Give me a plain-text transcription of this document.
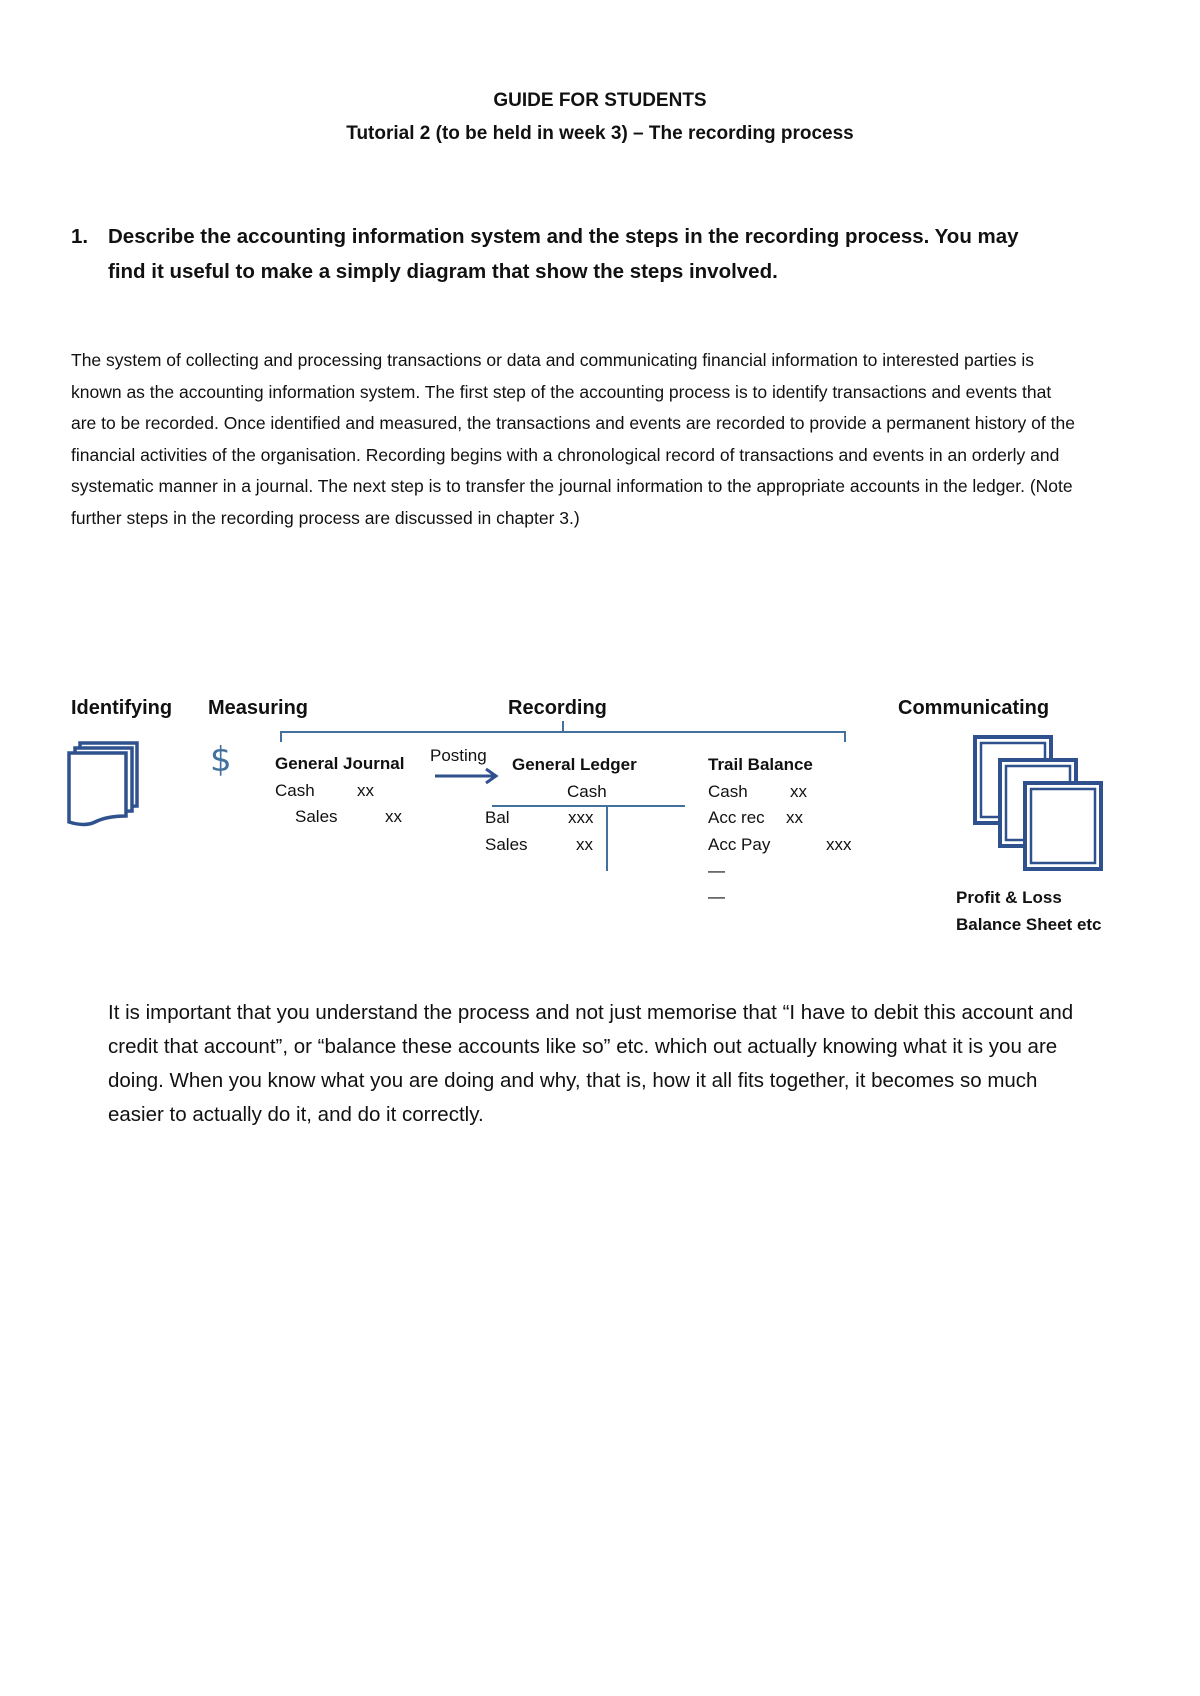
GUIDE FOR STUDENTS
Tutorial 2 (to be held in week 3) – The recording process
1. Describe the accounting information system and the steps in the recording process. You may
find it useful to make a simply diagram that show the steps involved.

The system of collecting and processing transactions or data and communicating financial information to interested parties is known as the accounting information system. The first step of the accounting process is to identify transactions and events that are to be recorded. Once identified and measured, the transactions and events are recorded to provide a permanent history of the financial activities of the organisation. Recording begins with a chronological record of transactions and events in an orderly and systematic manner in a journal. The next step is to transfer the journal information to the appropriate accounts in the ledger. (Note further steps in the recording process are discussed in chapter 3.)

Identifying Measuring	Recording	Communicating
$	General Journal
Cash xx
Sales	xx
Posting General Ledger
Cash
Bal	xxx
Sales	xx
Trail Balance
Cash xx
Acc rec xx
Acc Pay	xxx
—
—	Profit & Loss
Balance Sheet etc

It is important that you understand the process and not just memorise that “I have to debit this account and credit that account”, or “balance these accounts like so” etc. which out actually knowing what it is you are doing. When you know what you are doing and why, that is, how it all fits together, it becomes so much easier to actually do it, and do it correctly.
